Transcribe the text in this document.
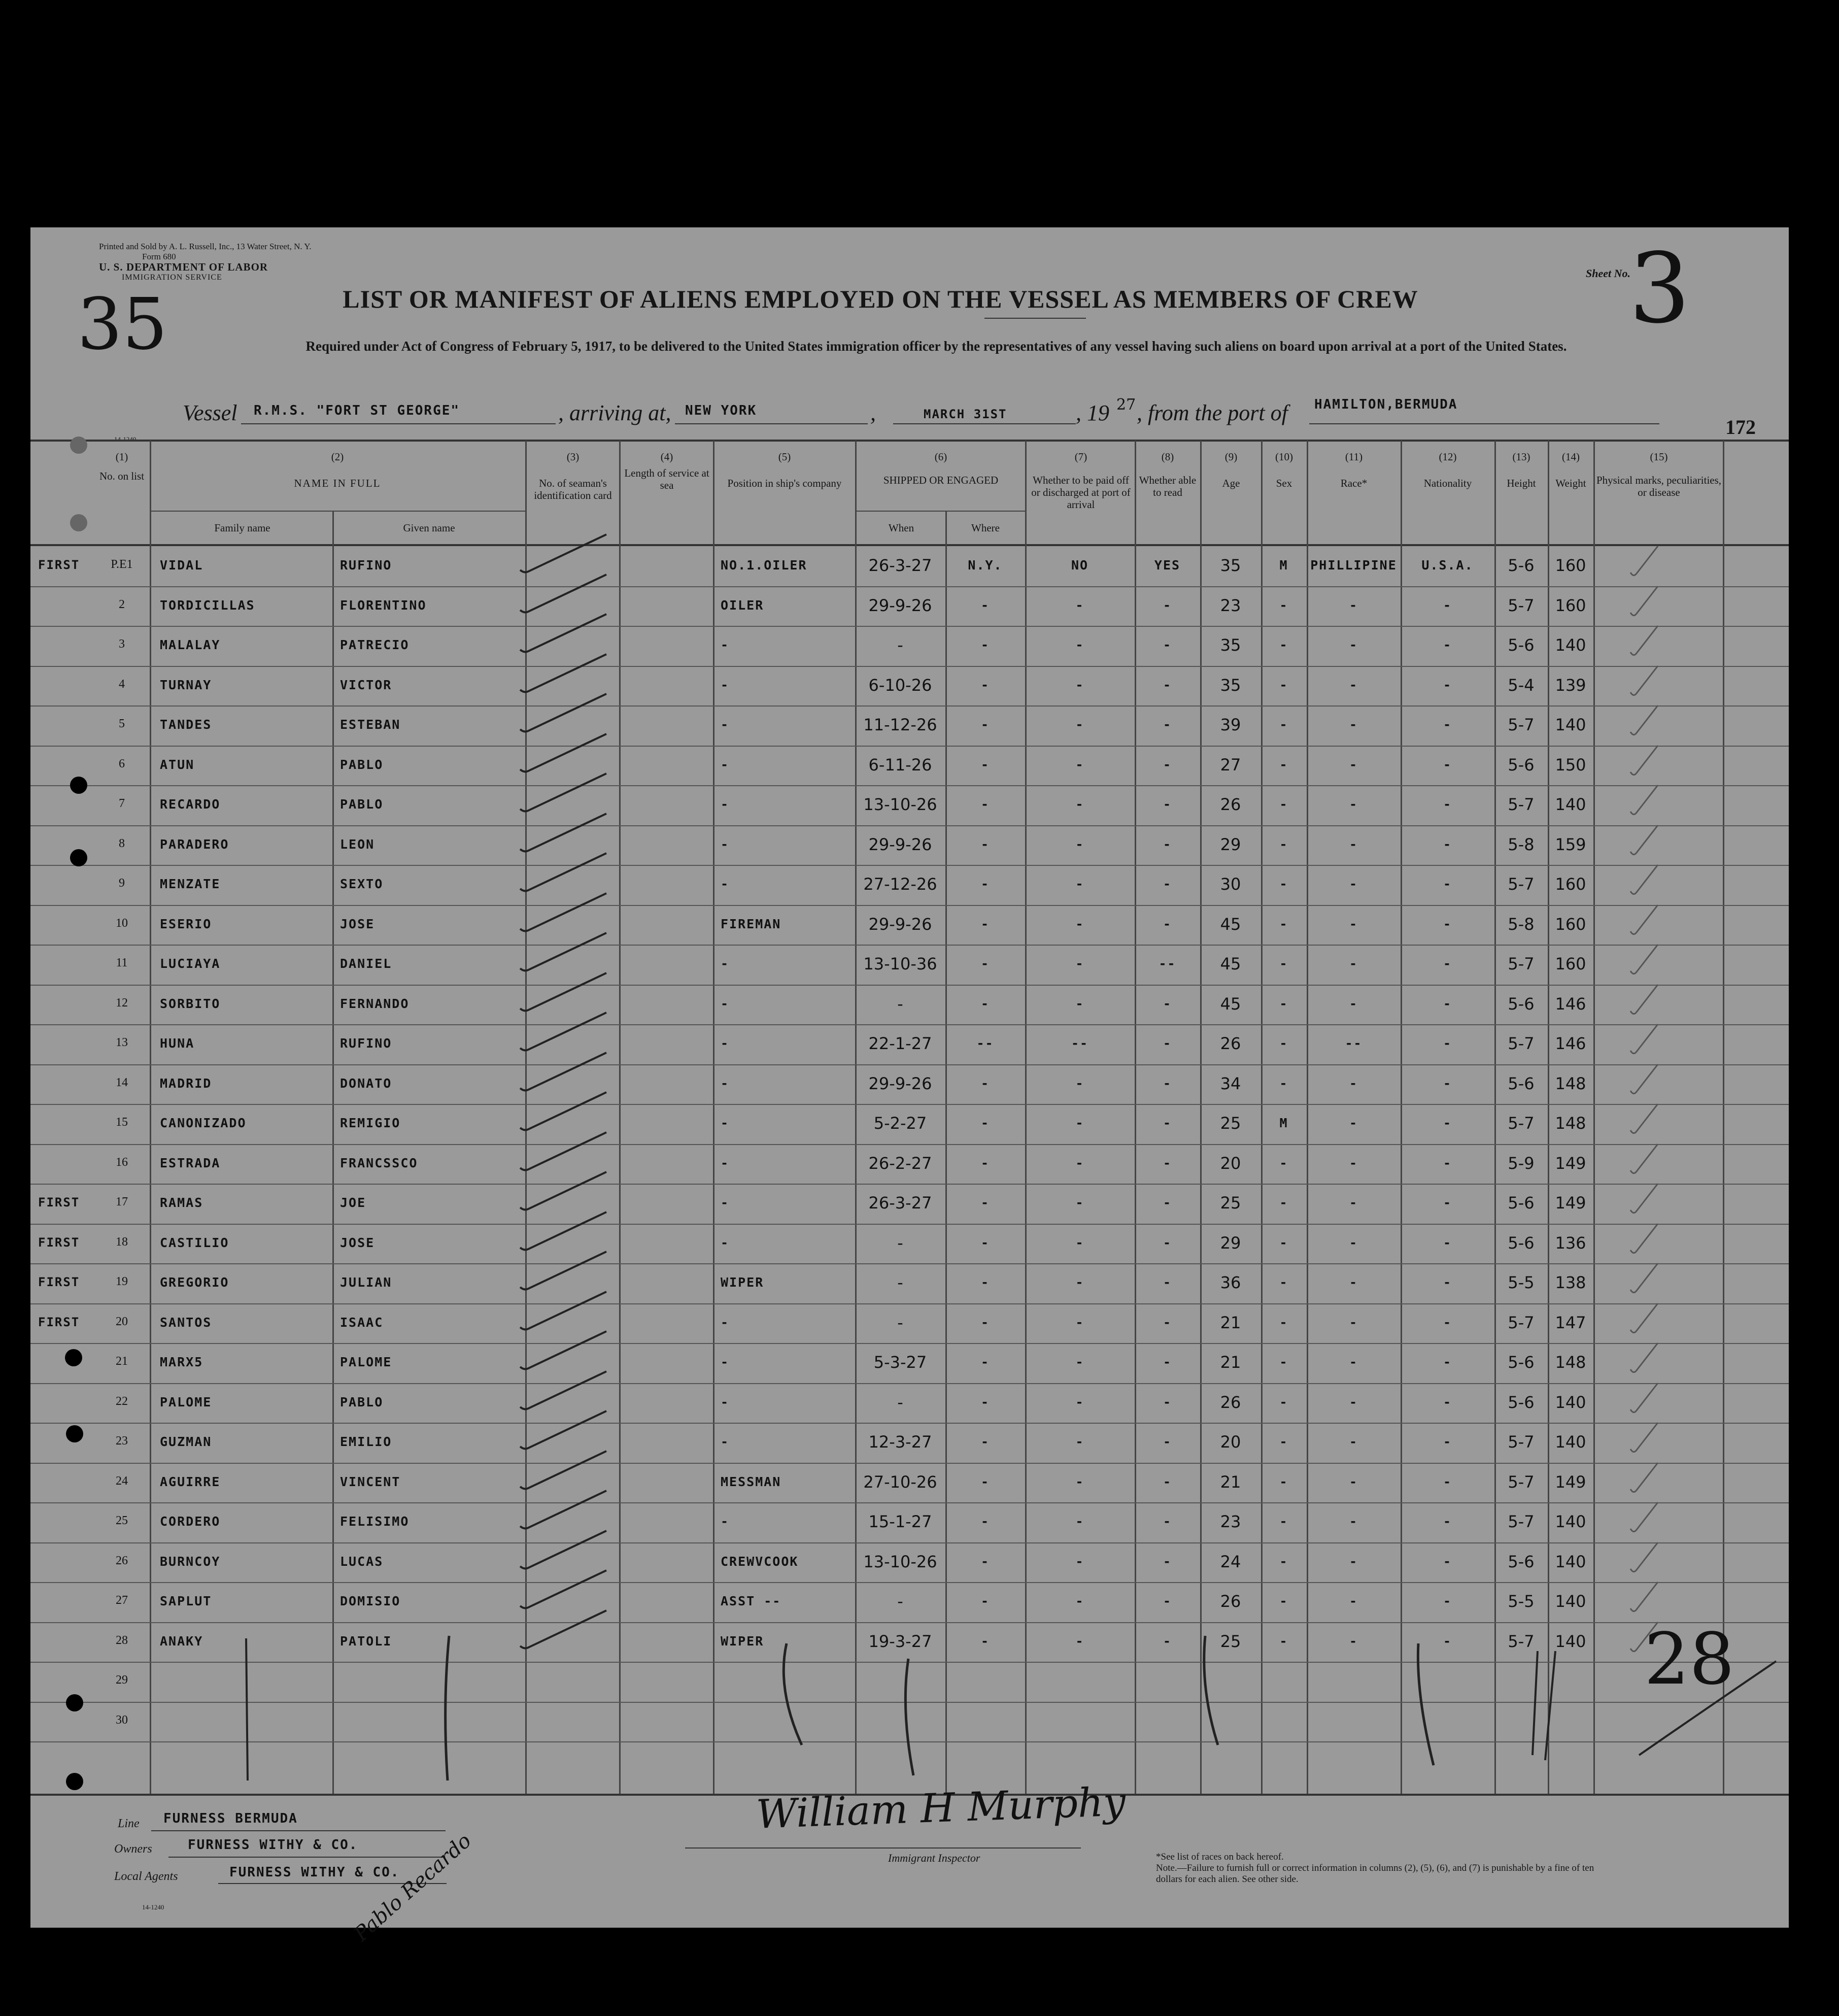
Printed and Sold by A. L. Russell, Inc., 13 Water Street, N. Y.
Form 680
U. S. DEPARTMENT OF LABOR
IMMIGRATION SERVICE
LIST OR MANIFEST OF ALIENS EMPLOYED ON THE VESSEL AS MEMBERS OF CREW
Required under Act of Congress of February 5, 1917, to be delivered to the United States immigration officer by the representatives of any vessel having such aliens on board upon arrival at a port of the United States.
Sheet No.
3
35
Vessel R.M.S. "FORT ST GEORGE"	, arriving at, NEW YORK	,	MARCH 31ST	, 19 27 , from the port of HAMILTON,BERMUDA
172
14-1240
(1)
No. on list
(2)
NAME IN FULL
Family name	Given name
(3)
No. of seaman's identification card
(4)
Length of service at sea
(5)
Position in ship's company
(6)
SHIPPED OR ENGAGED
When	Where
(7)
Whether to be paid off or discharged at port of arrival
(8)
Whether able to read
(9)
Age
(10)
Sex
(11)
Race*
(12)
Nationality
(13)
Height
(14)
Weight
(15)
Physical marks, peculiarities, or disease
FIRST	P.E1	VIDAL	RUFINO	NO.1.OILER	26-3-27	N.Y.	NO	YES	35	M	PHILLIPINE	U.S.A.	5-6	160
2	TORDICILLAS	FLORENTINO	OILER	29-9-26	-	-	-	23	-	-	-	5-7	160
3	MALALAY	PATRECIO	-	-	-	-	-	35	-	-	-	5-6	140
4	TURNAY	VICTOR	-	6-10-26	-	-	-	35	-	-	-	5-4	139
5	TANDES	ESTEBAN	-	11-12-26	-	-	-	39	-	-	-	5-7	140
6	ATUN	PABLO	-	6-11-26	-	-	-	27	-	-	-	5-6	150
7	RECARDO	PABLO	-	13-10-26	-	-	-	26	-	-	-	5-7	140
8	PARADERO	LEON	-	29-9-26	-	-	-	29	-	-	-	5-8	159
9	MENZATE	SEXTO	-	27-12-26	-	-	-	30	-	-	-	5-7	160
10	ESERIO	JOSE	FIREMAN	29-9-26	-	-	-	45	-	-	-	5-8	160
11	LUCIAYA	DANIEL	-	13-10-36	-	-	--	45	-	-	-	5-7	160
12	SORBITO	FERNANDO	-	-	-	-	-	45	-	-	-	5-6	146
13	HUNA	RUFINO	-	22-1-27	--	--	-	26	-	--	-	5-7	146
14	MADRID	DONATO	-	29-9-26	-	-	-	34	-	-	-	5-6	148
15	CANONIZADO	REMIGIO	-	5-2-27	-	-	-	25	M	-	-	5-7	148
16	ESTRADA	FRANCSSCO	-	26-2-27	-	-	-	20	-	-	-	5-9	149
FIRST	17	RAMAS	JOE	-	26-3-27	-	-	-	25	-	-	-	5-6	149
FIRST	18	CASTILIO	JOSE	-	-	-	-	-	29	-	-	-	5-6	136
FIRST	19	GREGORIO	JULIAN	WIPER	-	-	-	-	36	-	-	-	5-5	138
FIRST	20	SANTOS	ISAAC	-	-	-	-	-	21	-	-	-	5-7	147
21	MARX5	PALOME	-	5-3-27	-	-	-	21	-	-	-	5-6	148
22	PALOME	PABLO	-	-	-	-	-	26	-	-	-	5-6	140
23	GUZMAN	EMILIO	-	12-3-27	-	-	-	20	-	-	-	5-7	140
24	AGUIRRE	VINCENT	MESSMAN	27-10-26	-	-	-	21	-	-	-	5-7	149
25	CORDERO	FELISIMO	-	15-1-27	-	-	-	23	-	-	-	5-7	140
26	BURNCOY	LUCAS	CREWVCOOK	13-10-26	-	-	-	24	-	-	-	5-6	140
27	SAPLUT	DOMISIO	ASST --	-	-	-	-	26	-	-	-	5-5	140
28	ANAKY	PATOLI	WIPER	19-3-27	-	-	-	25	-	-	-	5-7	140
29
30
28
Line FURNESS BERMUDA
Owners	FURNESS WITHY & CO.
Local Agents	FURNESS WITHY & CO.
14-1240
William H Murphy
Immigrant Inspector
Pablo Recardo	*See list of races on back hereof.
Note.—Failure to furnish full or correct information in columns (2), (5), (6), and (7) is punishable by a fine of ten dollars for each alien. See other side.
